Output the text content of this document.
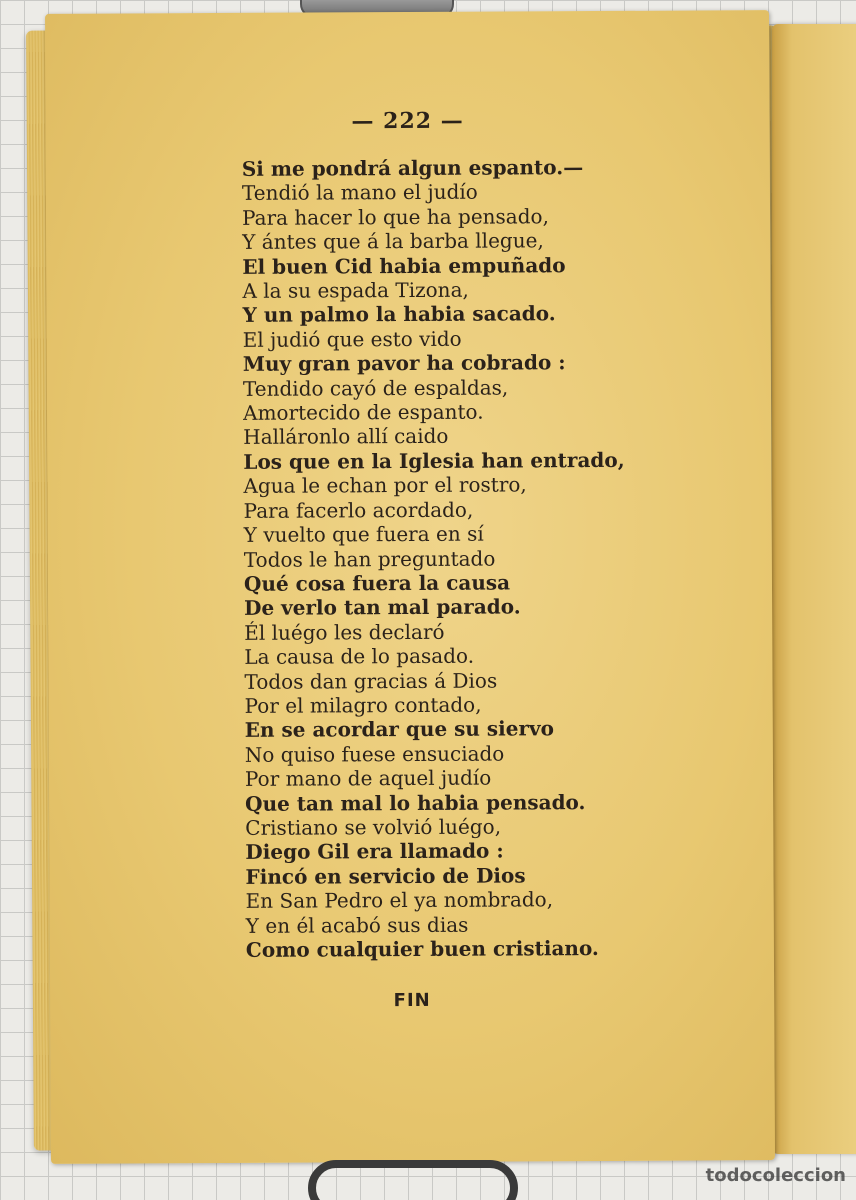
— 222 —
Si me pondrá algun espanto.—
Tendió la mano el judío
Para hacer lo que ha pensado,
Y ántes que á la barba llegue,
El buen Cid habia empuñado
A la su espada Tizona,
Y un palmo la habia sacado.
El judió que esto vido
Muy gran pavor ha cobrado :
Tendido cayó de espaldas,
Amortecido de espanto.
Halláronlo allí caido
Los que en la Iglesia han entrado,
Agua le echan por el rostro,
Para facerlo acordado,
Y vuelto que fuera en sí
Todos le han preguntado
Qué cosa fuera la causa
De verlo tan mal parado.
Él luégo les declaró
La causa de lo pasado.
Todos dan gracias á Dios
Por el milagro contado,
En se acordar que su siervo
No quiso fuese ensuciado
Por mano de aquel judío
Que tan mal lo habia pensado.
Cristiano se volvió luégo,
Diego Gil era llamado :
Fincó en servicio de Dios
En San Pedro el ya nombrado,
Y en él acabó sus dias
Como cualquier buen cristiano.
FIN
todocoleccion
